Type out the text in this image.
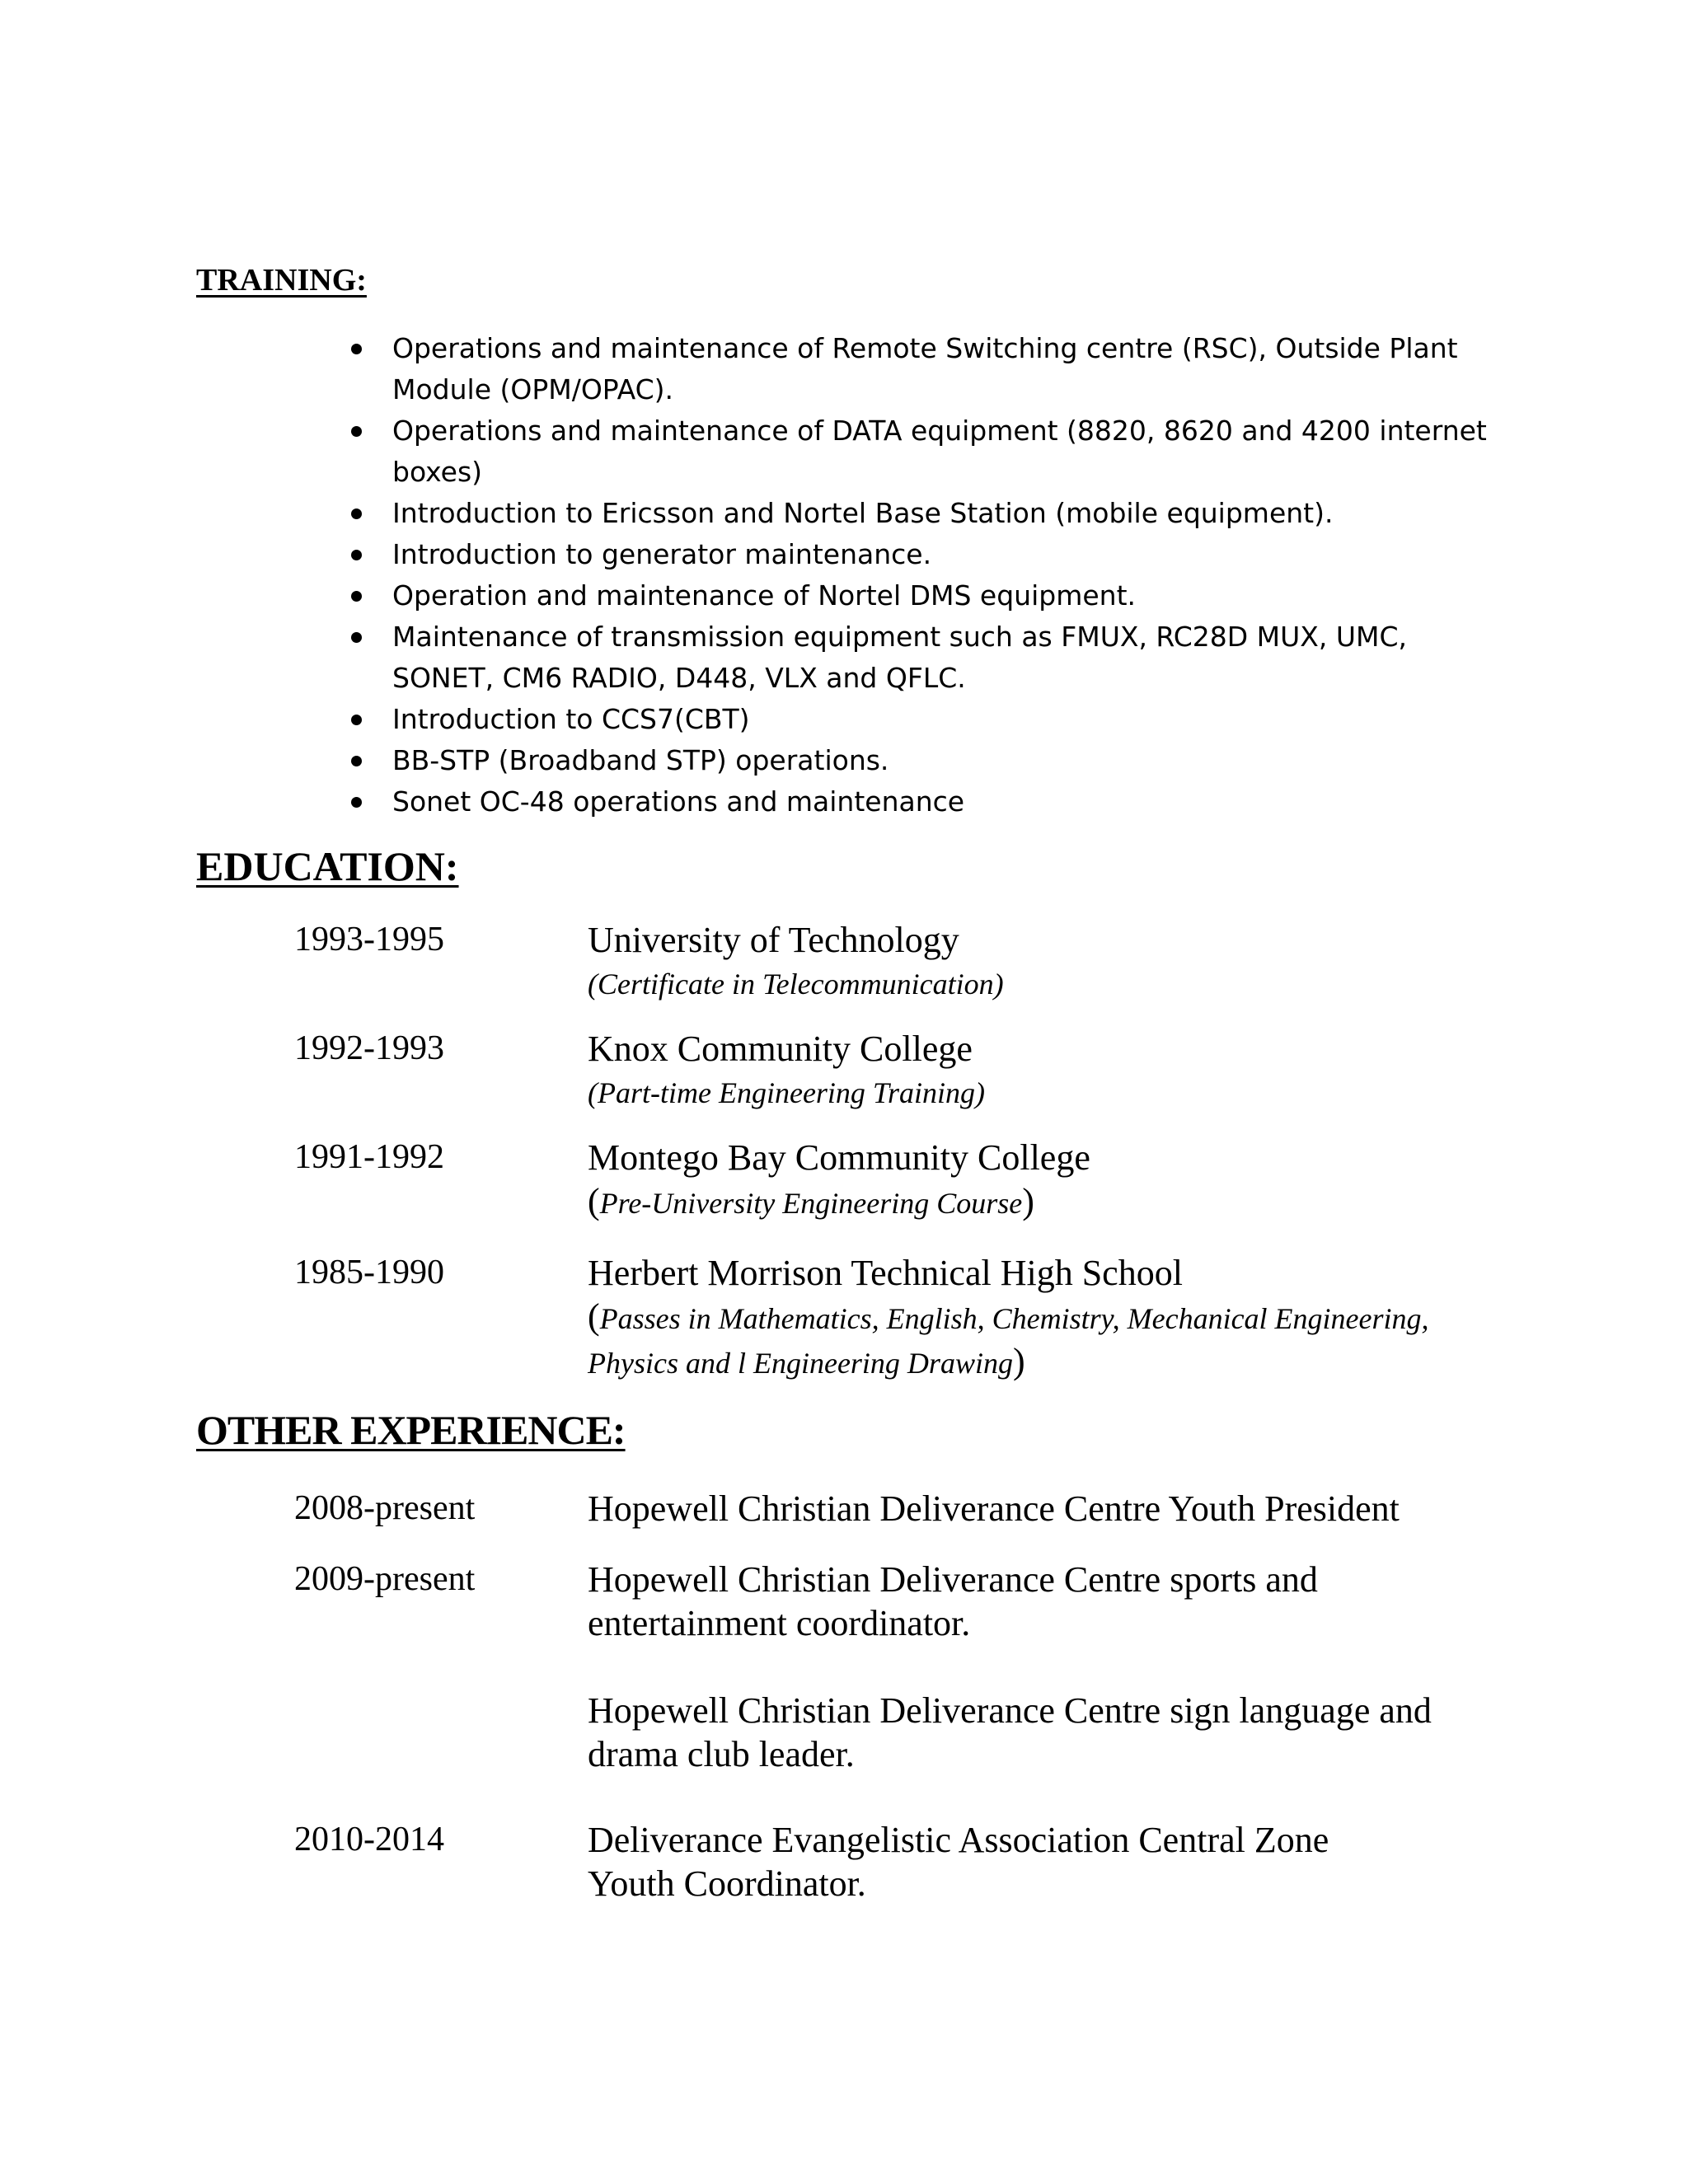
TRAINING:
Operations and maintenance of Remote Switching centre (RSC), Outside Plant Module (OPM/OPAC).
Operations and maintenance of DATA equipment (8820, 8620 and 4200 internet boxes)
Introduction to Ericsson and Nortel Base Station (mobile equipment).
Introduction to generator maintenance.
Operation and maintenance of Nortel DMS equipment.
Maintenance of transmission equipment such as FMUX, RC28D MUX, UMC, SONET, CM6 RADIO, D448, VLX and QFLC.
Introduction to CCS7(CBT)
BB-STP (Broadband STP) operations.
Sonet OC-48 operations and maintenance
EDUCATION:
1993-1995	University of Technology
(Certificate in Telecommunication)
1992-1993	Knox Community College
(Part-time Engineering Training)
1991-1992	Montego Bay Community College
(Pre-University Engineering Course)
1985-1990	Herbert Morrison Technical High School
(Passes in Mathematics, English, Chemistry, Mechanical Engineering, Physics and l Engineering Drawing)
OTHER EXPERIENCE:
2008-present	Hopewell Christian Deliverance Centre Youth President
2009-present	Hopewell Christian Deliverance Centre sports and entertainment coordinator.
Hopewell Christian Deliverance Centre sign language and drama club leader.
2010-2014	Deliverance Evangelistic Association Central Zone Youth Coordinator.
